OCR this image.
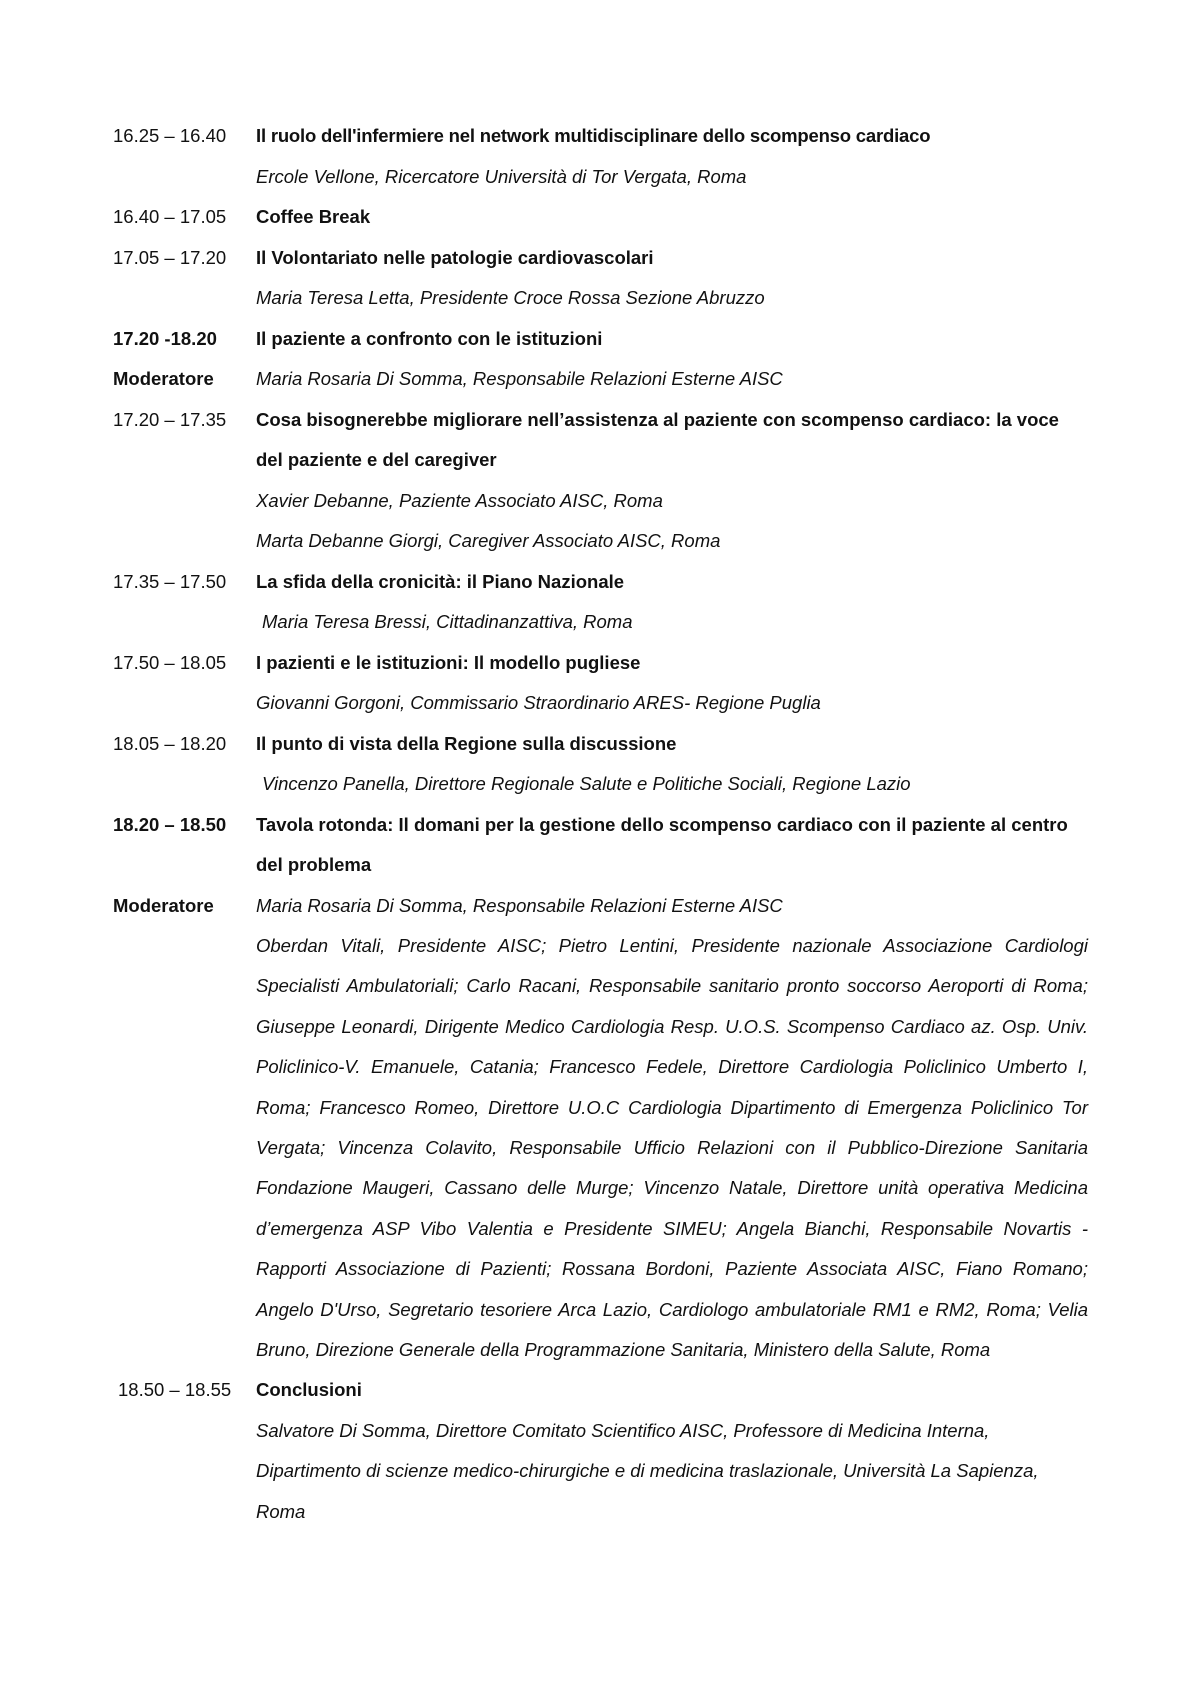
16.25 – 16.40	Il ruolo dell'infermiere nel network multidisciplinare dello scompenso cardiaco
Ercole Vellone, Ricercatore Università di Tor Vergata, Roma
16.40 – 17.05	Coffee Break
17.05 – 17.20	Il Volontariato nelle patologie cardiovascolari
Maria Teresa Letta, Presidente Croce Rossa Sezione Abruzzo
17.20 -18.20	Il paziente a confronto con le istituzioni
Moderatore	Maria Rosaria Di Somma, Responsabile Relazioni Esterne AISC
17.20 – 17.35	Cosa bisognerebbe migliorare nell’assistenza al paziente con scompenso cardiaco: la voce del paziente e del caregiver
Xavier Debanne, Paziente Associato AISC, Roma
Marta Debanne Giorgi, Caregiver Associato AISC, Roma
17.35 – 17.50	La sfida della cronicità: il Piano Nazionale
Maria Teresa Bressi, Cittadinanzattiva, Roma
17.50 – 18.05	I pazienti e le istituzioni: Il modello pugliese
Giovanni Gorgoni, Commissario Straordinario ARES- Regione Puglia
18.05 – 18.20	Il punto di vista della Regione sulla discussione
Vincenzo Panella, Direttore Regionale Salute e Politiche Sociali, Regione Lazio
18.20 – 18.50	Tavola rotonda: Il domani per la gestione dello scompenso cardiaco con il paziente al centro del problema
Moderatore	Maria Rosaria Di Somma, Responsabile Relazioni Esterne AISC
Oberdan Vitali, Presidente AISC; Pietro Lentini, Presidente nazionale Associazione Cardiologi Specialisti Ambulatoriali; Carlo Racani, Responsabile sanitario pronto soccorso Aeroporti di Roma; Giuseppe Leonardi, Dirigente Medico Cardiologia Resp. U.O.S. Scompenso Cardiaco az. Osp. Univ. Policlinico-V. Emanuele, Catania; Francesco Fedele, Direttore Cardiologia Policlinico Umberto I, Roma; Francesco Romeo, Direttore U.O.C Cardiologia Dipartimento di Emergenza Policlinico Tor Vergata; Vincenza Colavito, Responsabile Ufficio Relazioni con il Pubblico-Direzione Sanitaria Fondazione Maugeri, Cassano delle Murge; Vincenzo Natale, Direttore unità operativa Medicina d’emergenza ASP Vibo Valentia e Presidente SIMEU; Angela Bianchi, Responsabile Novartis - Rapporti Associazione di Pazienti; Rossana Bordoni, Paziente Associata AISC, Fiano Romano; Angelo D'Urso, Segretario tesoriere Arca Lazio, Cardiologo ambulatoriale RM1 e RM2, Roma; Velia Bruno, Direzione Generale della Programmazione Sanitaria, Ministero della Salute, Roma
18.50 – 18.55	Conclusioni
Salvatore Di Somma, Direttore Comitato Scientifico AISC, Professore di Medicina Interna, Dipartimento di scienze medico-chirurgiche e di medicina traslazionale, Università La Sapienza, Roma
